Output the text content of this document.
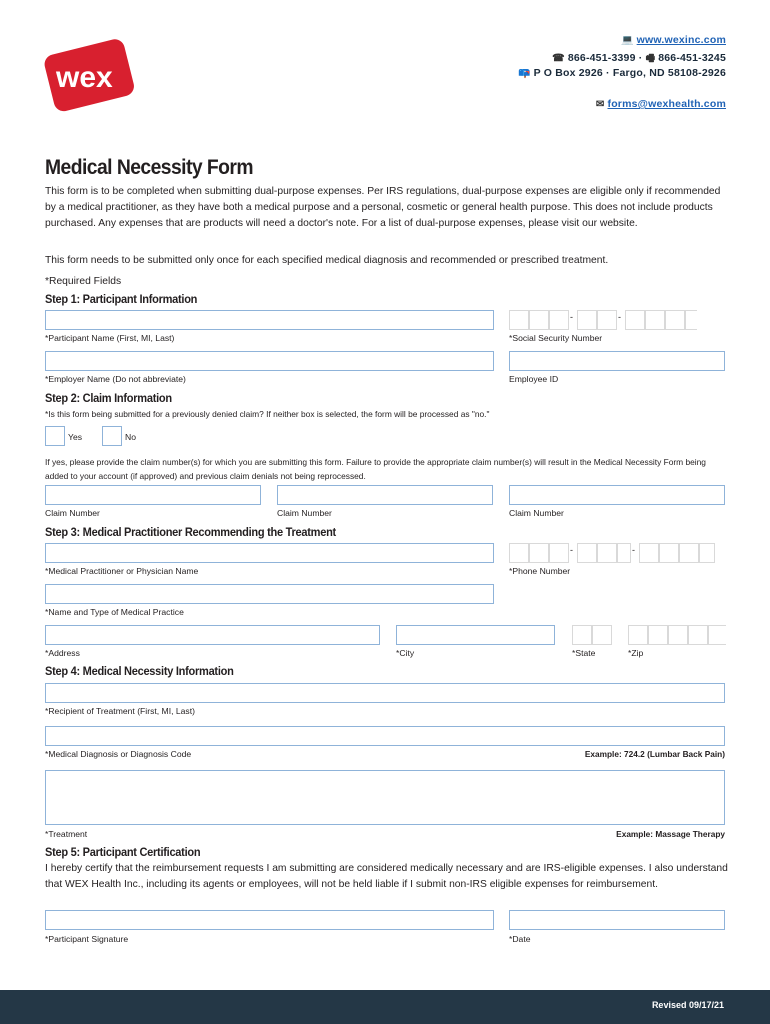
wex
💻 www.wexinc.com
☎ 866-451-3399 · 🖷 866-451-3245
📪 P O Box 2926 · Fargo, ND 58108-2926
✉ forms@wexhealth.com
Medical Necessity Form

This form is to be completed when submitting dual-purpose expenses. Per IRS regulations, dual-purpose expenses are eligible only if recommended by a medical practitioner, as they have both a medical purpose and a personal, cosmetic or general health purpose. This does not include products purchased. Any expenses that are products will need a doctor's note. For a list of dual-purpose expenses, please visit our website.

This form needs to be submitted only once for each specified medical diagnosis and recommended or prescribed treatment.

*Required Fields
Step 1: Participant Information
-	-
*Participant Name (First, MI, Last)	*Social Security Number
*Employer Name (Do not abbreviate)	Employee ID
Step 2: Claim Information
*Is this form being submitted for a previously denied claim? If neither box is selected, the form will be processed as "no."
Yes	No
If yes, please provide the claim number(s) for which you are submitting this form. Failure to provide the appropriate claim number(s) will result in the Medical Necessity Form being added to your account (if approved) and previous claim denials not being reprocessed.
Claim Number	Claim Number	Claim Number
Step 3: Medical Practitioner Recommending the Treatment
-	-
*Medical Practitioner or Physician Name	*Phone Number
*Name and Type of Medical Practice
*Address	*City	*State	*Zip
Step 4: Medical Necessity Information
*Recipient of Treatment (First, MI, Last)
*Medical Diagnosis or Diagnosis Code	Example: 724.2 (Lumbar Back Pain)
*Treatment	Example: Massage Therapy
Step 5: Participant Certification

I hereby certify that the reimbursement requests I am submitting are considered medically necessary and are IRS-eligible expenses. I also understand that WEX Health Inc., including its agents or employees, will not be held liable if I submit non-IRS eligible expenses for reimbursement.

*Participant Signature	*Date
Revised 09/17/21
